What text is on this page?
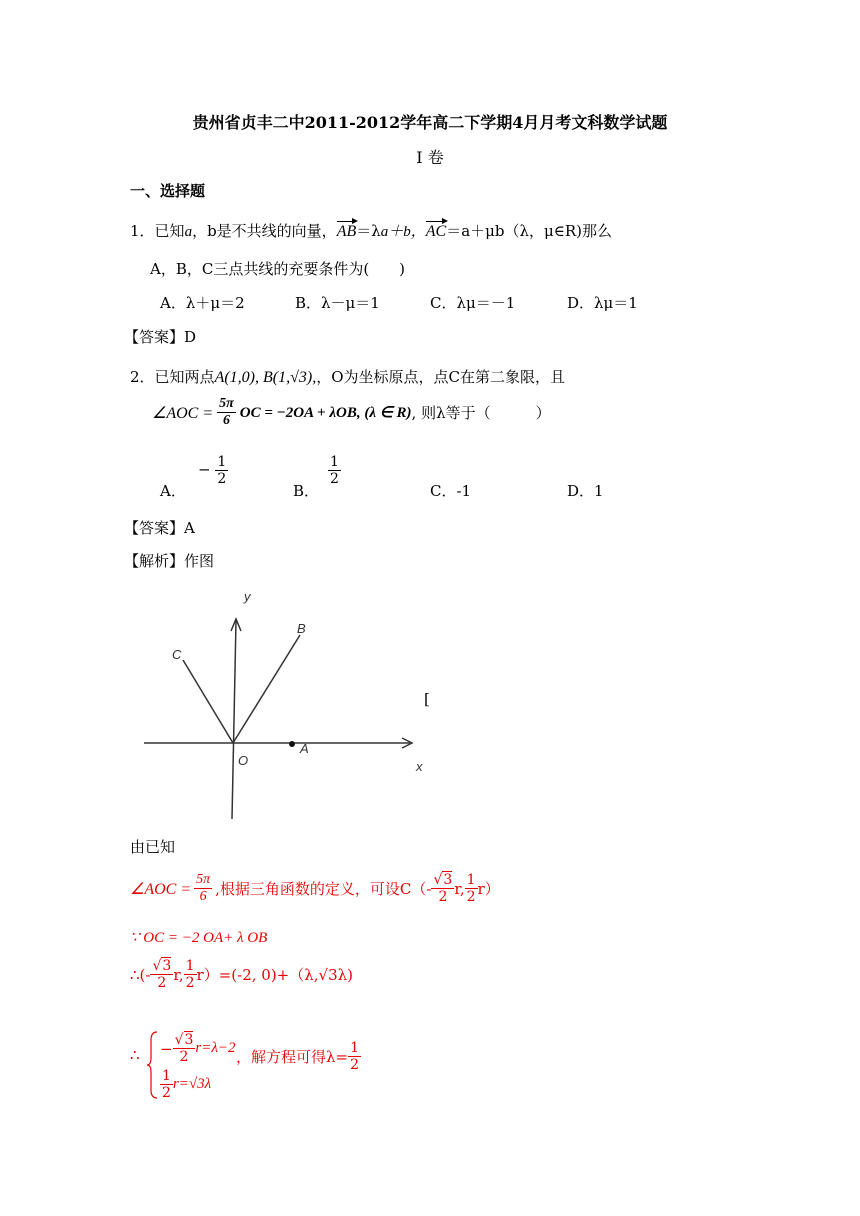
贵州省贞丰二中2011-2012学年高二下学期4月月考文科数学试题
I 卷
一、选择题
1．已知a，b是不共线的向量，AB＝λa＋b，AC＝a＋μb（λ，μ∈R)那么
A，B，C三点共线的充要条件为(　　)
A．λ＋μ＝2	B．λ－μ＝1	C．λμ＝－1	D．λμ＝1
【答案】D
2．已知两点A(1,0), B(1,√3),，O为坐标原点，点C在第二象限，且
∠AOC = $\frac{5\pi}{6}$ OC = −2OA + λOB, (λ ∈ R) , 则λ等于（　　　）
A．
− $\frac{1}{2}$
B．
$\frac{1}{2}$
C．-1	D．1
【答案】A
【解析】作图
y
x
O
A
B
C
[
由已知
∠AOC = $\frac{5\pi}{6}$ ,根据三角函数的定义，可设$C(- \frac{√3}{2} r$, $\frac{1}{2} r$）
∵ OC = −2 OA+ λ OB
∴(- $\frac{√3}{2} r$, $\frac{1}{2} r)=(-2$, 0)+（λ,√3λ)
∴ − $\frac{√3}{2} r=\lambda-2$
$\frac{1}{2} r=√3\lambda$
，解方程可得$\lambda= \frac{1}{2}$
